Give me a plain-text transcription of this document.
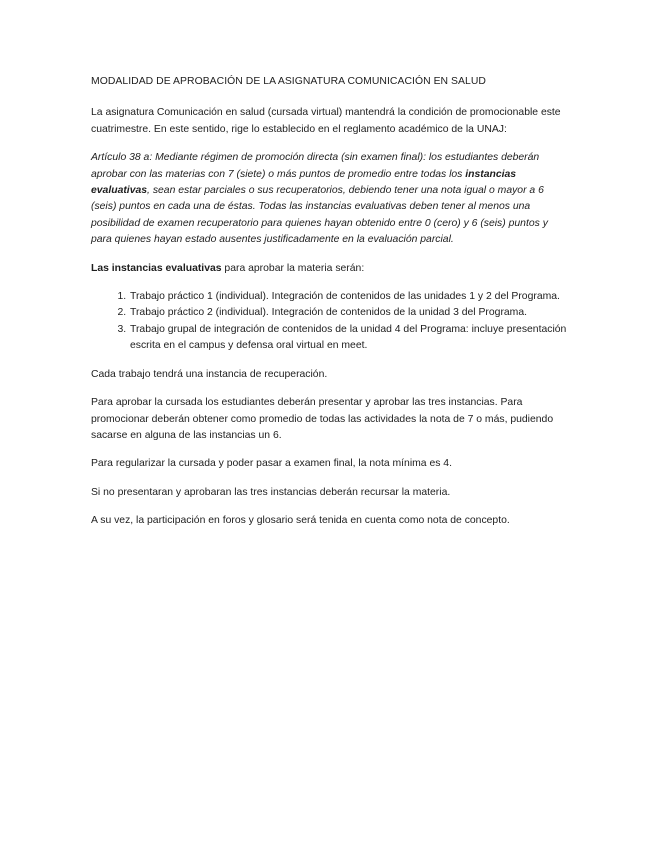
MODALIDAD DE APROBACIÓN DE LA ASIGNATURA COMUNICACIÓN EN SALUD

La asignatura Comunicación en salud (cursada virtual) mantendrá la condición de promocionable este cuatrimestre. En este sentido, rige lo establecido en el reglamento académico de la UNAJ:

Artículo 38 a: Mediante régimen de promoción directa (sin examen final): los estudiantes deberán aprobar con las materias con 7 (siete) o más puntos de promedio entre todas los instancias evaluativas, sean estar parciales o sus recuperatorios, debiendo tener una nota igual o mayor a 6 (seis) puntos en cada una de éstas. Todas las instancias evaluativas deben tener al menos una posibilidad de examen recuperatorio para quienes hayan obtenido entre 0 (cero) y 6 (seis) puntos y para quienes hayan estado ausentes justificadamente en la evaluación parcial.

Las instancias evaluativas para aprobar la materia serán:

1. Trabajo práctico 1 (individual). Integración de contenidos de las unidades 1 y 2 del Programa.
2. Trabajo práctico 2 (individual). Integración de contenidos de la unidad 3 del Programa.
3. Trabajo grupal de integración de contenidos de la unidad 4 del Programa: incluye presentación escrita en el campus y defensa oral virtual en meet.

Cada trabajo tendrá una instancia de recuperación.

Para aprobar la cursada los estudiantes deberán presentar y aprobar las tres instancias. Para promocionar deberán obtener como promedio de todas las actividades la nota de 7 o más, pudiendo sacarse en alguna de las instancias un 6.

Para regularizar la cursada y poder pasar a examen final, la nota mínima es 4.

Si no presentaran y aprobaran las tres instancias deberán recursar la materia.

A su vez, la participación en foros y glosario será tenida en cuenta como nota de concepto.
